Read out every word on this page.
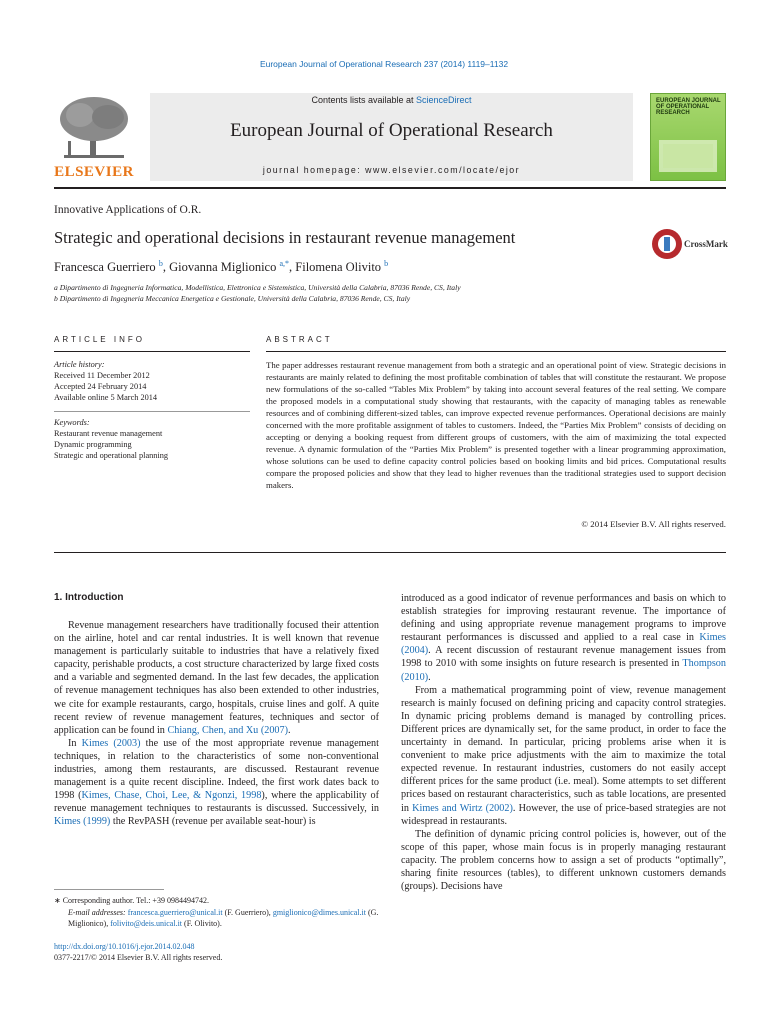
European Journal of Operational Research 237 (2014) 1119–1132
ELSEVIER
Contents lists available at ScienceDirect
European Journal of Operational Research
journal homepage: www.elsevier.com/locate/ejor
EUROPEAN JOURNAL OF OPERATIONAL RESEARCH
Innovative Applications of O.R.
Strategic and operational decisions in restaurant revenue management	CrossMark
Francesca Guerriero $^b$, Giovanna Miglionico $^{a,*}$, Filomena Olivito $^b$
a Dipartimento di Ingegneria Informatica, Modellistica, Elettronica e Sistemistica, Università della Calabria, 87036 Rende, CS, Italy
b Dipartimento di Ingegneria Meccanica Energetica e Gestionale, Università della Calabria, 87036 Rende, CS, Italy
ARTICLE INFO
Article history:
Received 11 December 2012
Accepted 24 February 2014
Available online 5 March 2014
Keywords:
Restaurant revenue management
Dynamic programming
Strategic and operational planning
ABSTRACT
The paper addresses restaurant revenue management from both a strategic and an operational point of view. Strategic decisions in restaurants are mainly related to defining the most profitable combination of tables that will constitute the restaurant. We propose new formulations of the so-called “Tables Mix Problem” by taking into account several features of the real setting. We compare the proposed models in a computational study showing that restaurants, with the capacity of managing tables as renewable resources and of combining different-sized tables, can improve expected revenue performances. Operational decisions are mainly concerned with the more profitable assignment of tables to customers. Indeed, the “Parties Mix Problem” consists of deciding on accepting or denying a booking request from different groups of customers, with the aim of maximizing the total expected revenue. A dynamic formulation of the “Parties Mix Problem” is presented together with a linear programming approximation, whose solutions can be used to define capacity control policies based on booking limits and bid prices. Computational results compare the proposed policies and show that they lead to higher revenues than the traditional strategies used to support decision makers.
© 2014 Elsevier B.V. All rights reserved.
1. Introduction

Revenue management researchers have traditionally focused their attention on the airline, hotel and car rental industries. It is well known that revenue management is particularly suitable to industries that have a relatively fixed capacity, perishable products, a cost structure characterized by large fixed costs and a variable and segmented demand. In the last few decades, the application of revenue management techniques has also been extended to other industries, we cite for example restaurants, cargo, hospitals, cruise lines and golf. A quite recent review of revenue management features, techniques and sector of application can be found in Chiang, Chen, and Xu (2007).

In Kimes (2003) the use of the most appropriate revenue management techniques, in relation to the characteristics of some non-conventional industries, among them restaurants, are discussed. Restaurant revenue management is a quite recent discipline. Indeed, the first work dates back to 1998 (Kimes, Chase, Choi, Lee, & Ngonzi, 1998), where the applicability of revenue management techniques to restaurants is discussed. Successively, in Kimes (1999) the RevPASH (revenue per available seat-hour) is

introduced as a good indicator of revenue performances and basis on which to establish strategies for improving restaurant revenue. The importance of defining and using appropriate revenue management programs to improve restaurant performances is discussed and applied to a real case in Kimes (2004). A recent discussion of restaurant revenue management issues from 1998 to 2010 with some insights on future research is presented in Thompson (2010).

From a mathematical programming point of view, revenue management research is mainly focused on defining pricing and capacity control strategies. In dynamic pricing problems demand is managed by controlling prices. Different prices are dynamically set, for the same product, in order to face the uncertainty in demand. In particular, pricing problems arise when it is convenient to make price adjustments with the aim to maximize the total expected revenue. In restaurant industries, customers do not easily accept different prices for the same product (i.e. meal). Some attempts to set different prices based on restaurant characteristics, such as table locations, are presented in Kimes and Wirtz (2002). However, the use of price-based strategies are not widespread in restaurants.

The definition of dynamic pricing control policies is, however, out of the scope of this paper, whose main focus is in properly managing restaurant capacity. The problem concerns how to assign a set of products “optimally”, sharing finite resources (tables), to different unknown customers demands (groups). Decisions have

∗ Corresponding author. Tel.: +39 0984494742.
E-mail addresses: francesca.guerriero@unical.it (F. Guerriero), gmiglionico@dimes.unical.it (G. Miglionico), folivito@deis.unical.it (F. Olivito).
http://dx.doi.org/10.1016/j.ejor.2014.02.048
0377-2217/© 2014 Elsevier B.V. All rights reserved.
